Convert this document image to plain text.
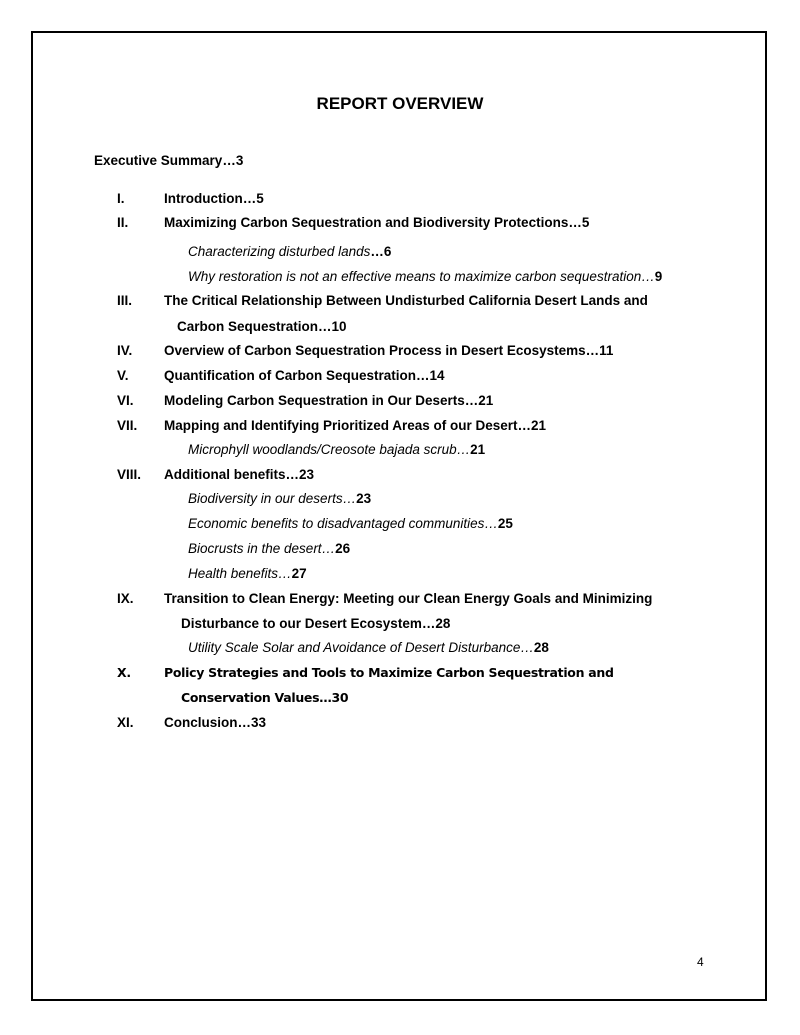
REPORT OVERVIEW
Executive Summary…3
I.	Introduction…5
II.	Maximizing Carbon Sequestration and Biodiversity Protections…5
Characterizing disturbed lands…6
Why restoration is not an effective means to maximize carbon sequestration…9
III. The Critical Relationship Between Undisturbed California Desert Lands and
Carbon Sequestration…10
IV. Overview of Carbon Sequestration Process in Desert Ecosystems…11
V.	Quantification of Carbon Sequestration…14
VI. Modeling Carbon Sequestration in Our Deserts…21
VII. Mapping and Identifying Prioritized Areas of our Desert…21
Microphyll woodlands/Creosote bajada scrub…21
VIII. Additional benefits…23
Biodiversity in our deserts…23
Economic benefits to disadvantaged communities…25
Biocrusts in the desert…26
Health benefits…27
IX. Transition to Clean Energy: Meeting our Clean Energy Goals and Minimizing
Disturbance to our Desert Ecosystem…28
Utility Scale Solar and Avoidance of Desert Disturbance…28
X.	Policy Strategies and Tools to Maximize Carbon Sequestration and
Conservation Values…30
XI. Conclusion…33
4
